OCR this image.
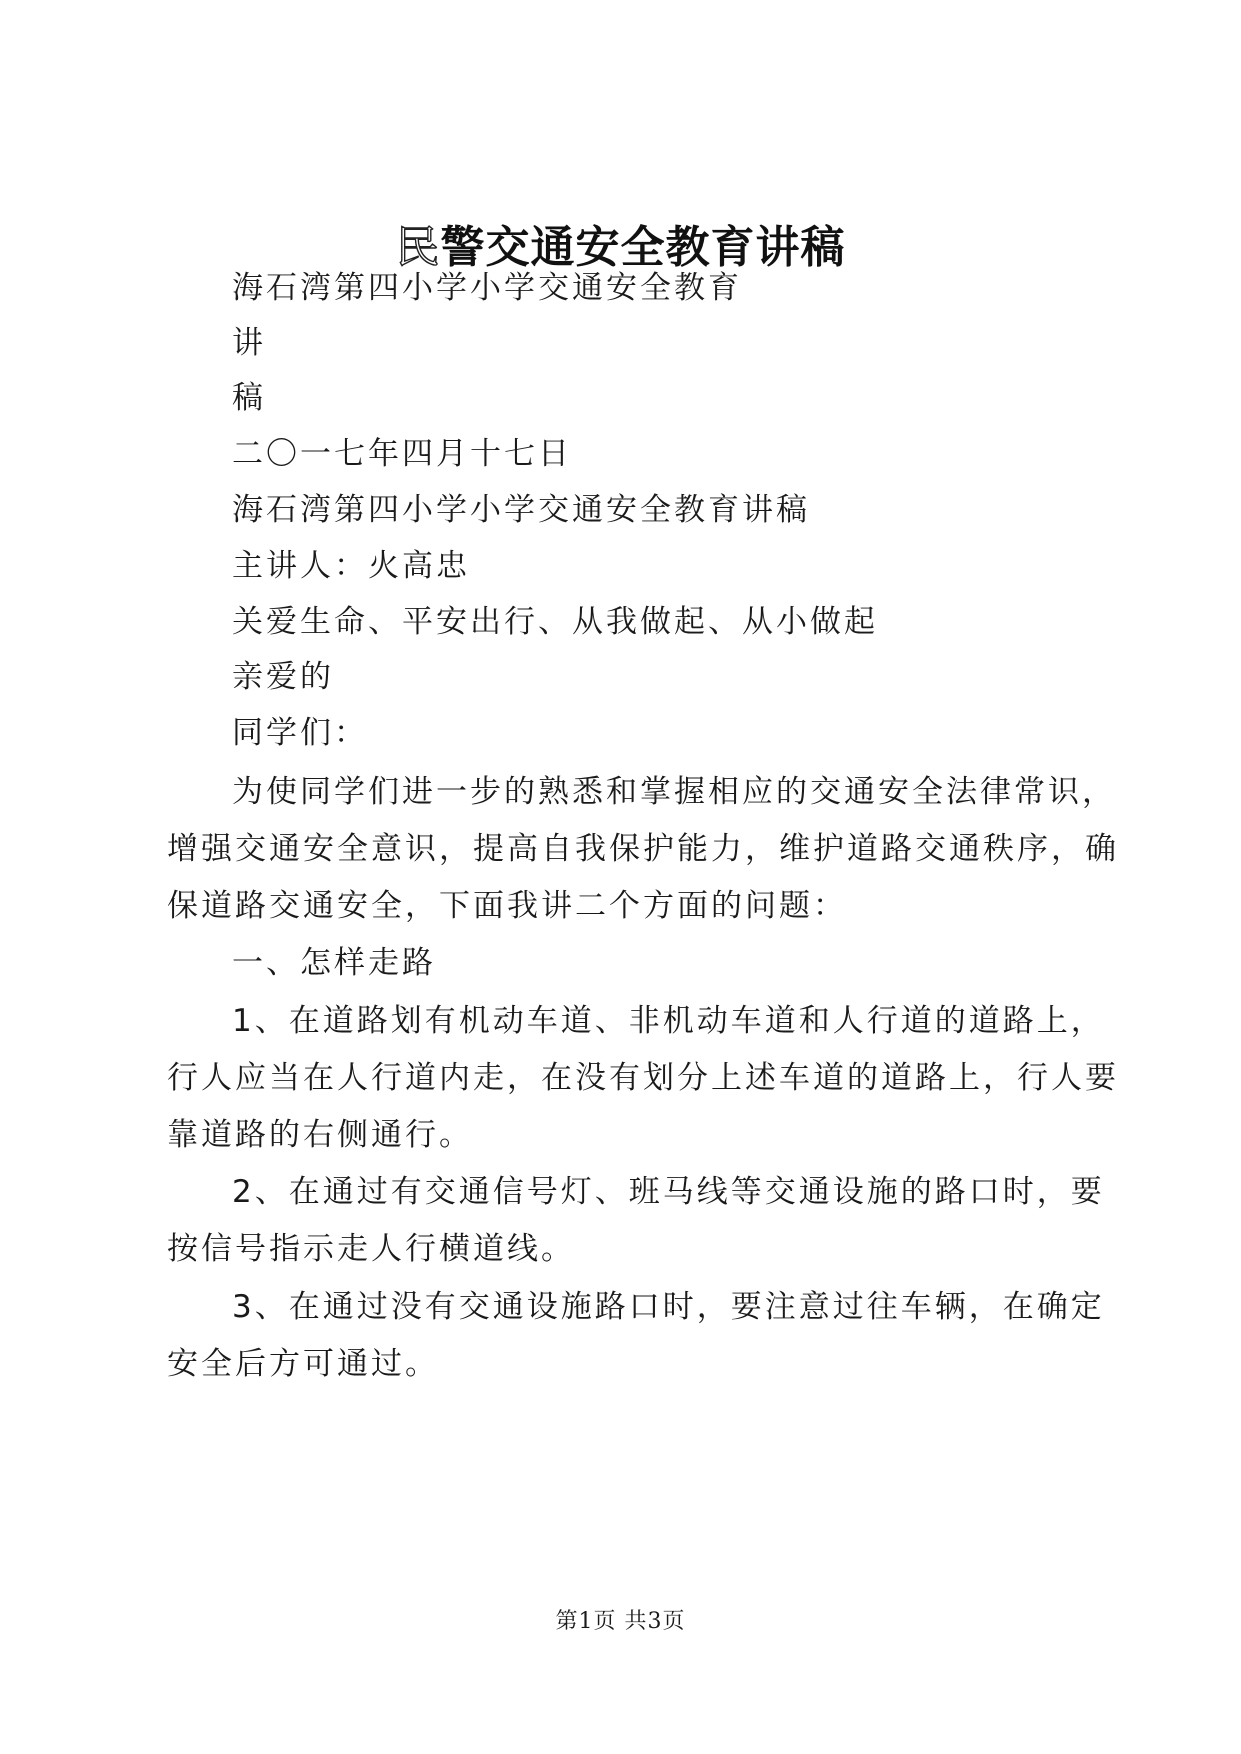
民警交通安全教育讲稿
海石湾第四小学小学交通安全教育
讲
稿
二〇一七年四月十七日
海石湾第四小学小学交通安全教育讲稿
主讲人：火高忠
关爱生命、平安出行、从我做起、从小做起
亲爱的
同学们：
为使同学们进一步的熟悉和掌握相应的交通安全法律常识，
增强交通安全意识，提高自我保护能力，维护道路交通秩序，确
保道路交通安全，下面我讲二个方面的问题：
一、怎样走路
1、在道路划有机动车道、非机动车道和人行道的道路上，
行人应当在人行道内走，在没有划分上述车道的道路上，行人要
靠道路的右侧通行。
2、在通过有交通信号灯、班马线等交通设施的路口时，要
按信号指示走人行横道线。
3、在通过没有交通设施路口时，要注意过往车辆，在确定
安全后方可通过。
第1页 共3页
